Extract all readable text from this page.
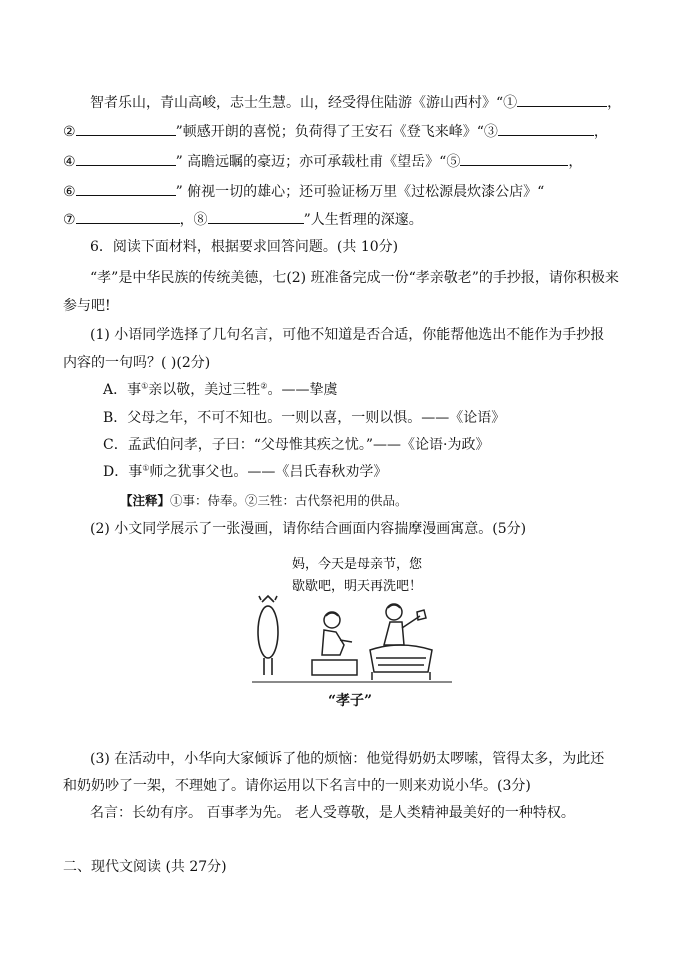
智者乐山，青山高峻，志士生慧。山，经受得住陆游《游山西村》“①	，
②	”顿感开朗的喜悦；负荷得了王安石《登飞来峰》“③	，
④	” 高瞻远瞩的豪迈；亦可承载杜甫《望岳》“⑤	，
⑥	” 俯视一切的雄心；还可验证杨万里《过松源晨炊漆公店》“
⑦	，⑧	”人生哲理的深邃。
6．阅读下面材料，根据要求回答问题。(共 10分)
“孝”是中华民族的传统美德，七(2) 班准备完成一份“孝亲敬老”的手抄报，请你积极来
参与吧!
(1) 小语同学选择了几句名言，可他不知道是否合适，你能帮他选出不能作为手抄报
内容的一句吗？( )(2分)
A．事①亲以敬，美过三牲②。——挚虞
B．父母之年，不可不知也。一则以喜，一则以惧。——《论语》
C．孟武伯问孝，子曰：“父母惟其疾之忧。”——《论语·为政》
D．事①师之犹事父也。——《吕氏春秋劝学》
【注释】①事：侍奉。②三牲：古代祭祀用的供品。
(2) 小文同学展示了一张漫画，请你结合画面内容揣摩漫画寓意。(5分)
妈，今天是母亲节，您
歇歇吧，明天再洗吧！
“孝子”
(3) 在活动中，小华向大家倾诉了他的烦恼：他觉得奶奶太啰嗦，管得太多，为此还
和奶奶吵了一架，不理她了。请你运用以下名言中的一则来劝说小华。(3分)
名言：长幼有序。 百事孝为先。 老人受尊敬，是人类精神最美好的一种特权。
二、现代文阅读 (共 27分)
